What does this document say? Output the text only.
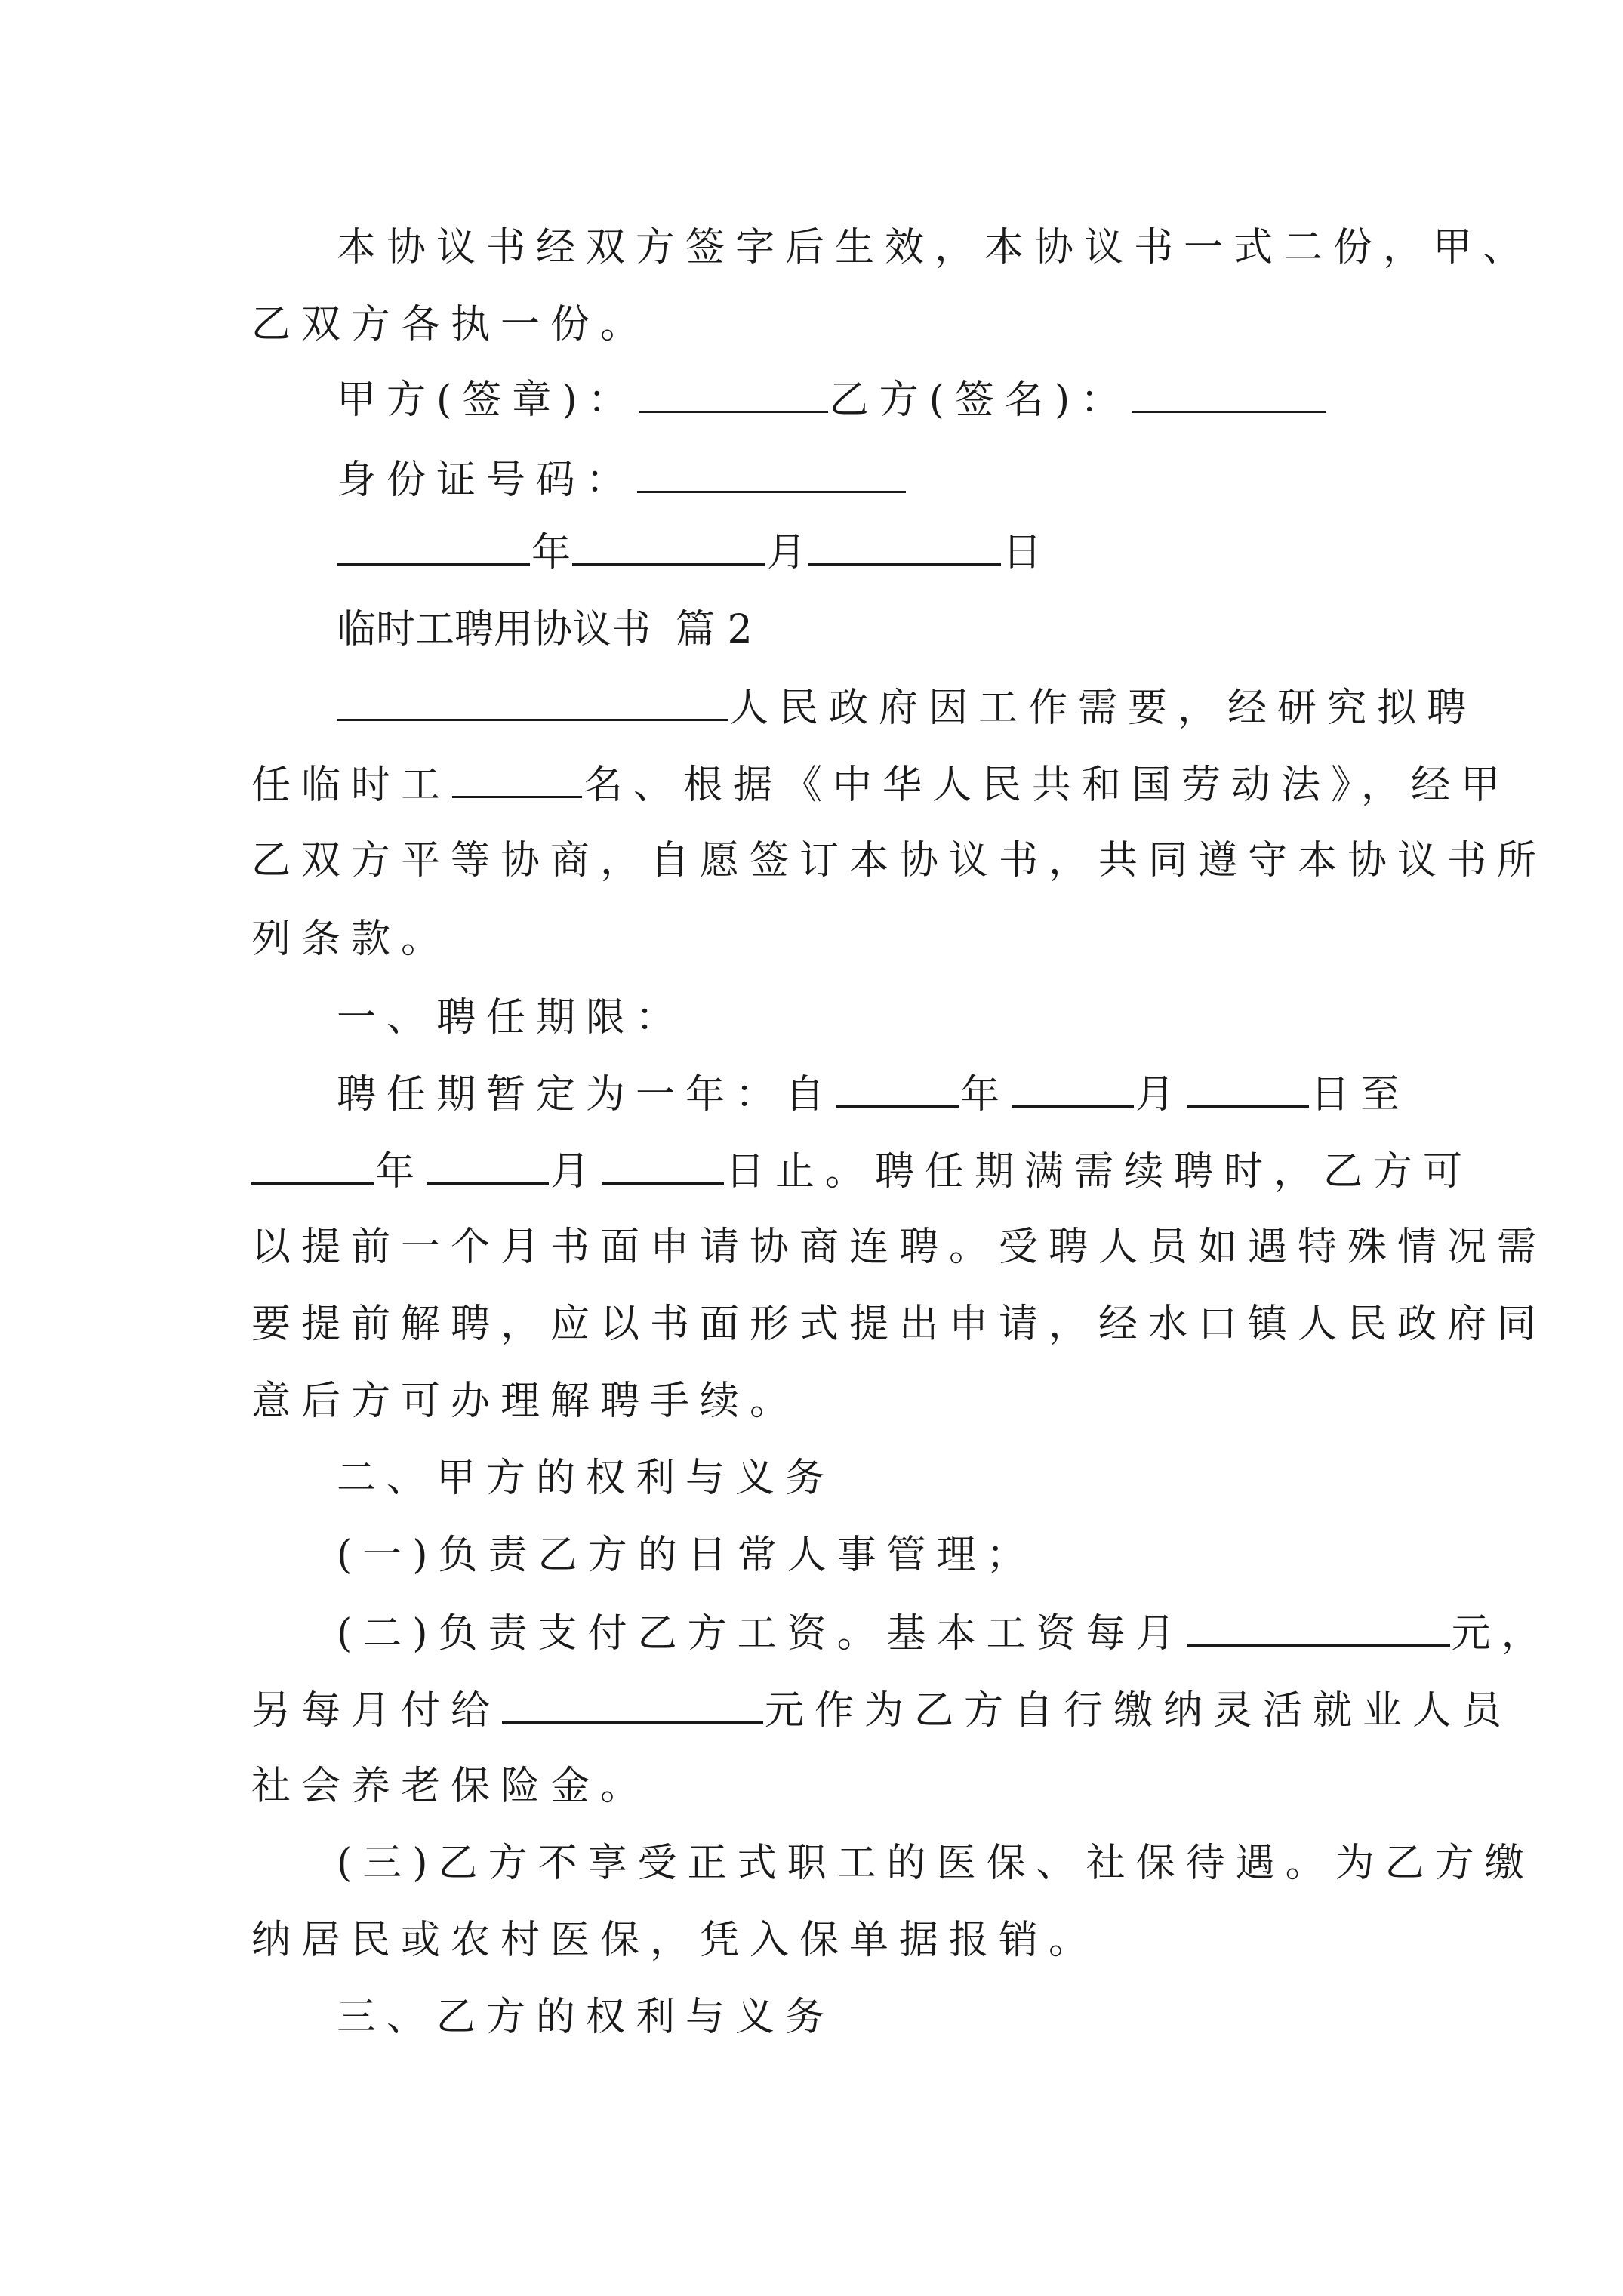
本协议书经双方签字后生效，本协议书一式二份，甲、
乙双方各执一份。
甲方(签章)：	乙方(签名)：
身份证号码：
年	月	日
临时工聘用协议书  篇 2
人民政府因工作需要，经研究拟聘
任临时工	名、根据《中华人民共和国劳动法》，经甲
乙双方平等协商，自愿签订本协议书，共同遵守本协议书所
列条款。
一、聘任期限：
聘任期暂定为一年：自	年	月	日至
年	月	日止。聘任期满需续聘时，乙方可
以提前一个月书面申请协商连聘。受聘人员如遇特殊情况需
要提前解聘，应以书面形式提出申请，经水口镇人民政府同
意后方可办理解聘手续。
二、甲方的权利与义务
(一)负责乙方的日常人事管理；
(二)负责支付乙方工资。基本工资每月	元，
另每月付给	元作为乙方自行缴纳灵活就业人员
社会养老保险金。
(三)乙方不享受正式职工的医保、社保待遇。为乙方缴
纳居民或农村医保，凭入保单据报销。
三、乙方的权利与义务
